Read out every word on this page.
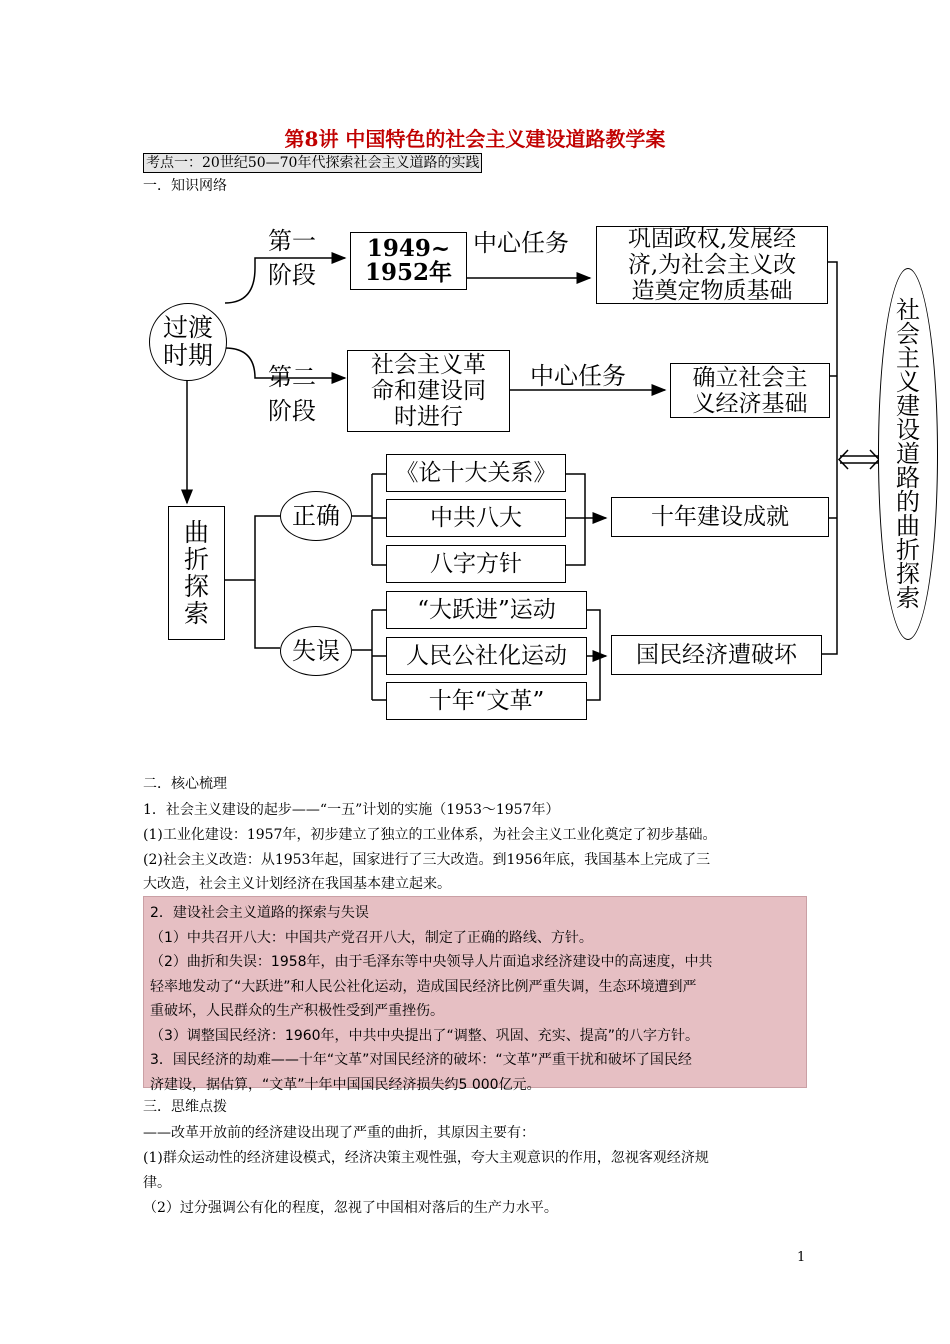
第8讲 中国特色的社会主义建设道路教学案
考点一：20世纪50—70年代探索社会主义道路的实践
一．知识网络
第一
阶段
1949~
1952年
中心任务	巩固政权,发展经
济,为社会主义改
造奠定物质基础
过渡
时期
第二
阶段
社会主义革
命和建设同
时进行
中心任务	确立社会主
义经济基础
社
会
主
义
建
设
道
路
的
曲
折
探
索
曲
折
探
索
正确
《论十大关系》
中共八大
八字方针
十年建设成就
失误
“大跃进”运动
人民公社化运动
十年“文革”
国民经济遭破坏
二．核心梳理
1．社会主义建设的起步——“一五”计划的实施（1953～1957年）
(1)工业化建设：1957年，初步建立了独立的工业体系，为社会主义工业化奠定了初步基础。
(2)社会主义改造：从1953年起，国家进行了三大改造。到1956年底，我国基本上完成了三
大改造，社会主义计划经济在我国基本建立起来。
2．建设社会主义道路的探索与失误
（1）中共召开八大：中国共产党召开八大，制定了正确的路线、方针。
（2）曲折和失误：1958年，由于毛泽东等中央领导人片面追求经济建设中的高速度，中共
轻率地发动了“大跃进”和人民公社化运动，造成国民经济比例严重失调，生态环境遭到严
重破坏，人民群众的生产积极性受到严重挫伤。
（3）调整国民经济：1960年，中共中央提出了“调整、巩固、充实、提高”的八字方针。
3．国民经济的劫难——十年“文革”对国民经济的破坏：“文革”严重干扰和破坏了国民经
济建设，据估算，“文革”十年中国国民经济损失约5 000亿元。
三．思维点拨
——改革开放前的经济建设出现了严重的曲折，其原因主要有：
(1)群众运动性的经济建设模式，经济决策主观性强，夸大主观意识的作用，忽视客观经济规
律。
（2）过分强调公有化的程度，忽视了中国相对落后的生产力水平。
1
